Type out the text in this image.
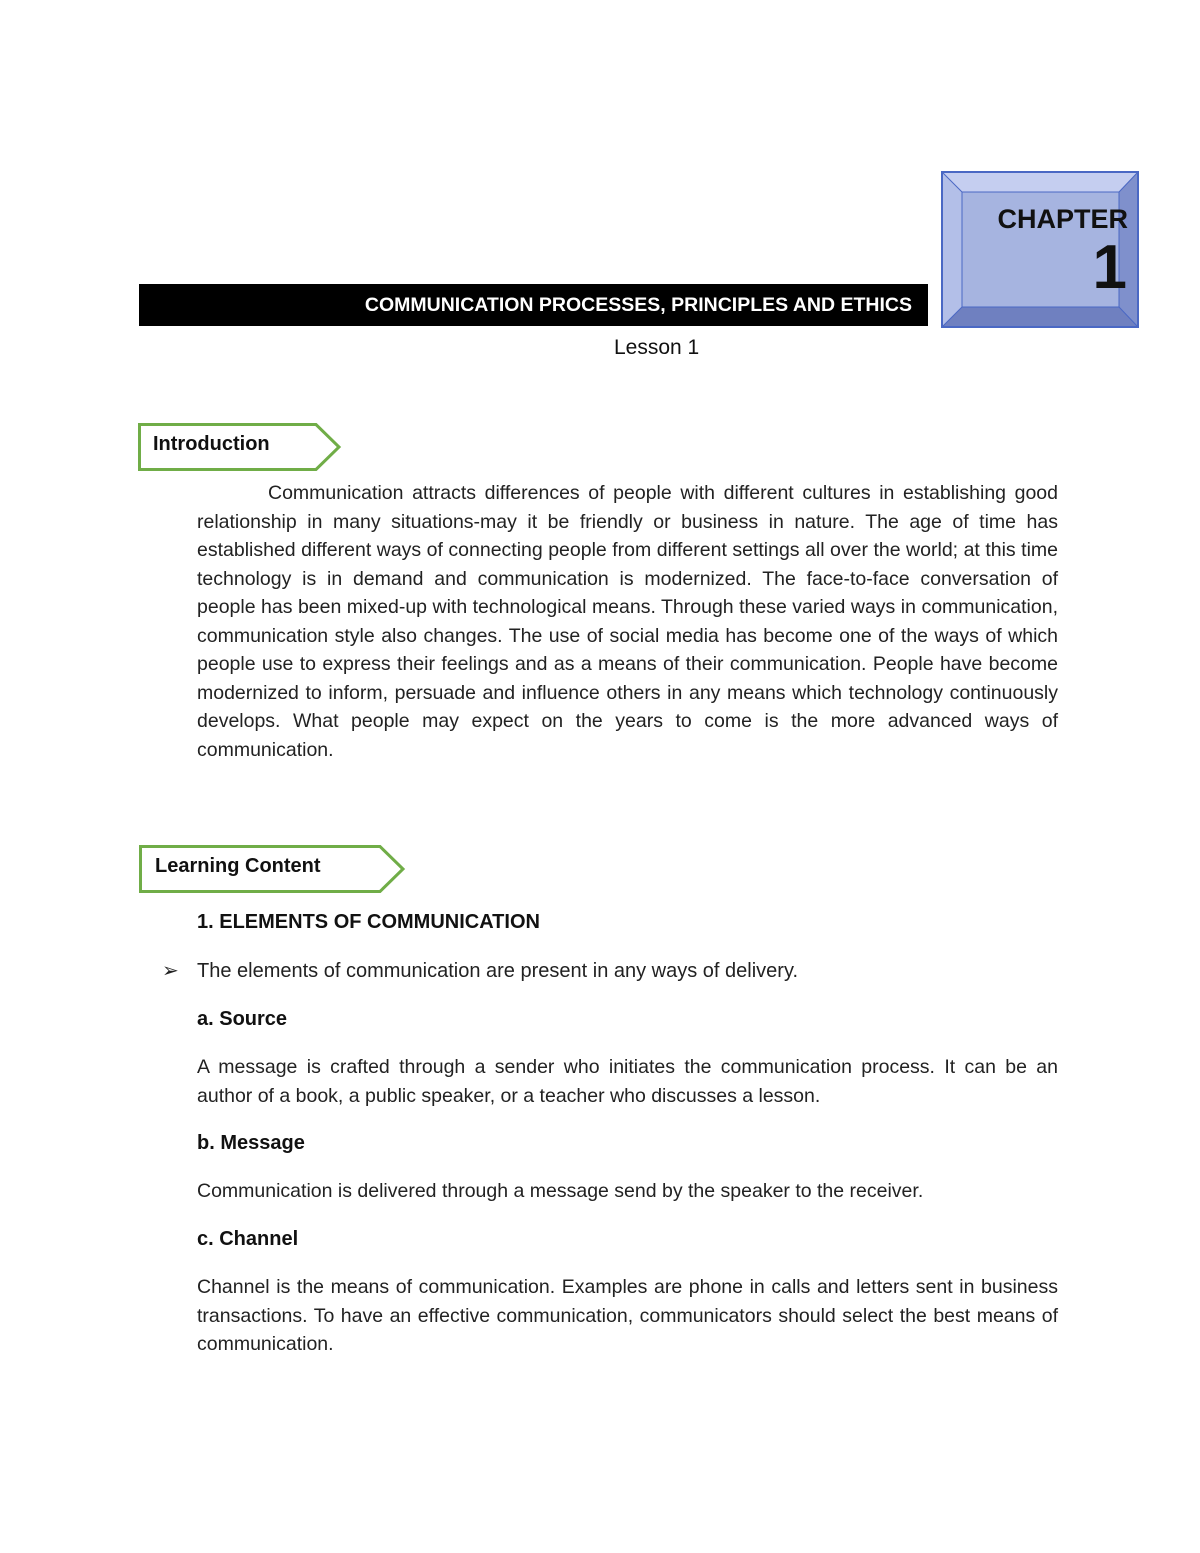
CHAPTER
1
COMMUNICATION PROCESSES, PRINCIPLES AND ETHICS
Lesson 1
Introduction

Communication attracts differences of people with different cultures in establishing good relationship in many situations-may it be friendly or business in nature. The age of time has established different ways of connecting people from different settings all over the world; at this time technology is in demand and communication is modernized. The face-to-face conversation of people has been mixed-up with technological means. Through these varied ways in communication, communication style also changes. The use of social media has become one of the ways of which people use to express their feelings and as a means of their communication. People have become modernized to inform, persuade and influence others in any means which technology continuously develops. What people may expect on the years to come is the more advanced ways of communication.

Learning Content
1. ELEMENTS OF COMMUNICATION
➢ The elements of communication are present in any ways of delivery.
a. Source

A message is crafted through a sender who initiates the communication process. It can be an author of a book, a public speaker, or a teacher who discusses a lesson.

b. Message

Communication is delivered through a message send by the speaker to the receiver.

c. Channel

Channel is the means of communication. Examples are phone in calls and letters sent in business transactions. To have an effective communication, communicators should select the best means of communication.
